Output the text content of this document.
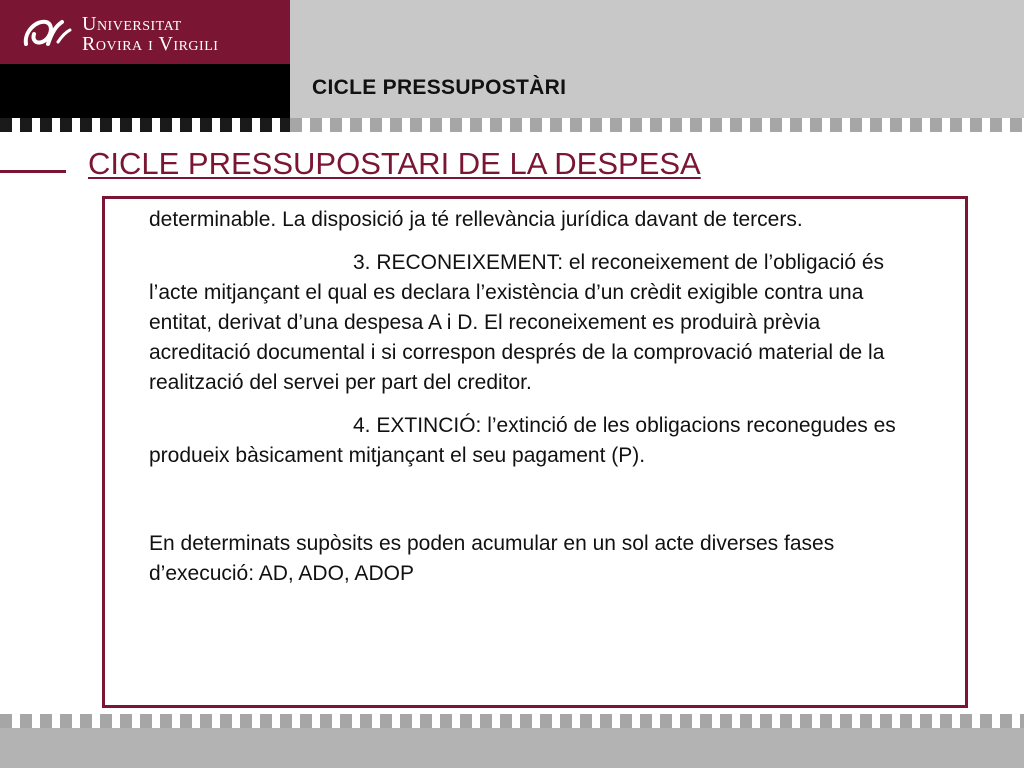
Universitat
Rovira i Virgili
CICLE PRESSUPOSTÀRI
CICLE PRESSUPOSTARI DE LA DESPESA

determinable. La disposició ja té rellevància jurídica davant de tercers.

3. RECONEIXEMENT: el reconeixement de l’obligació és l’acte mitjançant el qual es declara l’existència d’un crèdit exigible contra una entitat, derivat d’una despesa A i D. El reconeixement es produirà prèvia acreditació documental i si correspon després de la comprovació material de la realització del servei per part del creditor.

4. EXTINCIÓ: l’extinció de les obligacions reconegudes es produeix bàsicament mitjançant el seu pagament (P).

En determinats supòsits es poden acumular en un sol acte diverses fases d’execució: AD, ADO, ADOP
